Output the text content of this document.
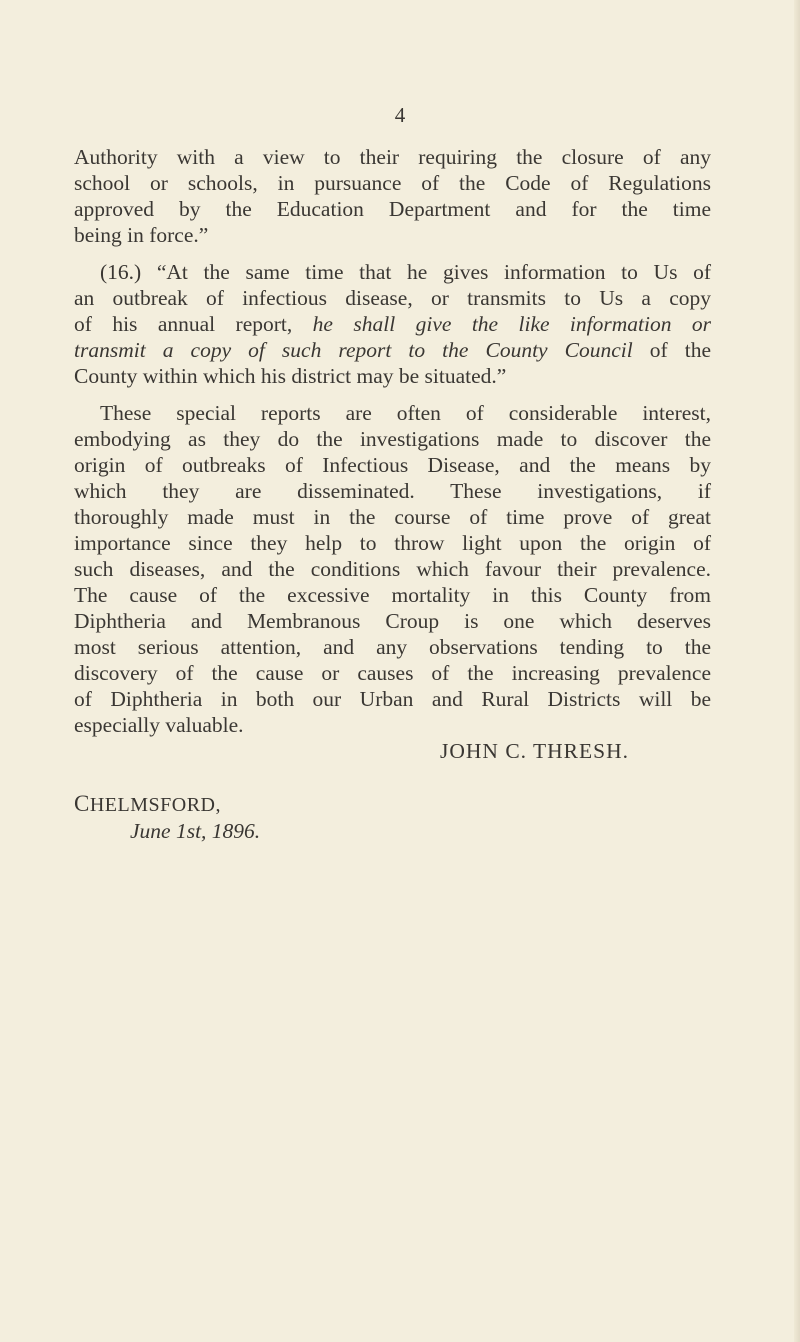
4
Authority with a view to their requiring the closure of any
school or schools, in pursuance of the Code of Regulations
approved by the Education Department and for the time
being in force.”
(16.) “At the same time that he gives information to Us of
an outbreak of infectious disease, or transmits to Us a copy
of his annual report, he shall give the like information or
transmit a copy of such report to the County Council of the
County within which his district may be situated.”
These special reports are often of considerable interest,
embodying as they do the investigations made to discover the
origin of outbreaks of Infectious Disease, and the means by
which they are disseminated. These investigations, if
thoroughly made must in the course of time prove of great
importance since they help to throw light upon the origin of
such diseases, and the conditions which favour their prevalence.
The cause of the excessive mortality in this County from
Diphtheria and Membranous Croup is one which deserves
most serious attention, and any observations tending to the
discovery of the cause or causes of the increasing prevalence
of Diphtheria in both our Urban and Rural Districts will be
especially valuable.
JOHN C. THRESH.
CHELMSFORD,
June 1st, 1896.
